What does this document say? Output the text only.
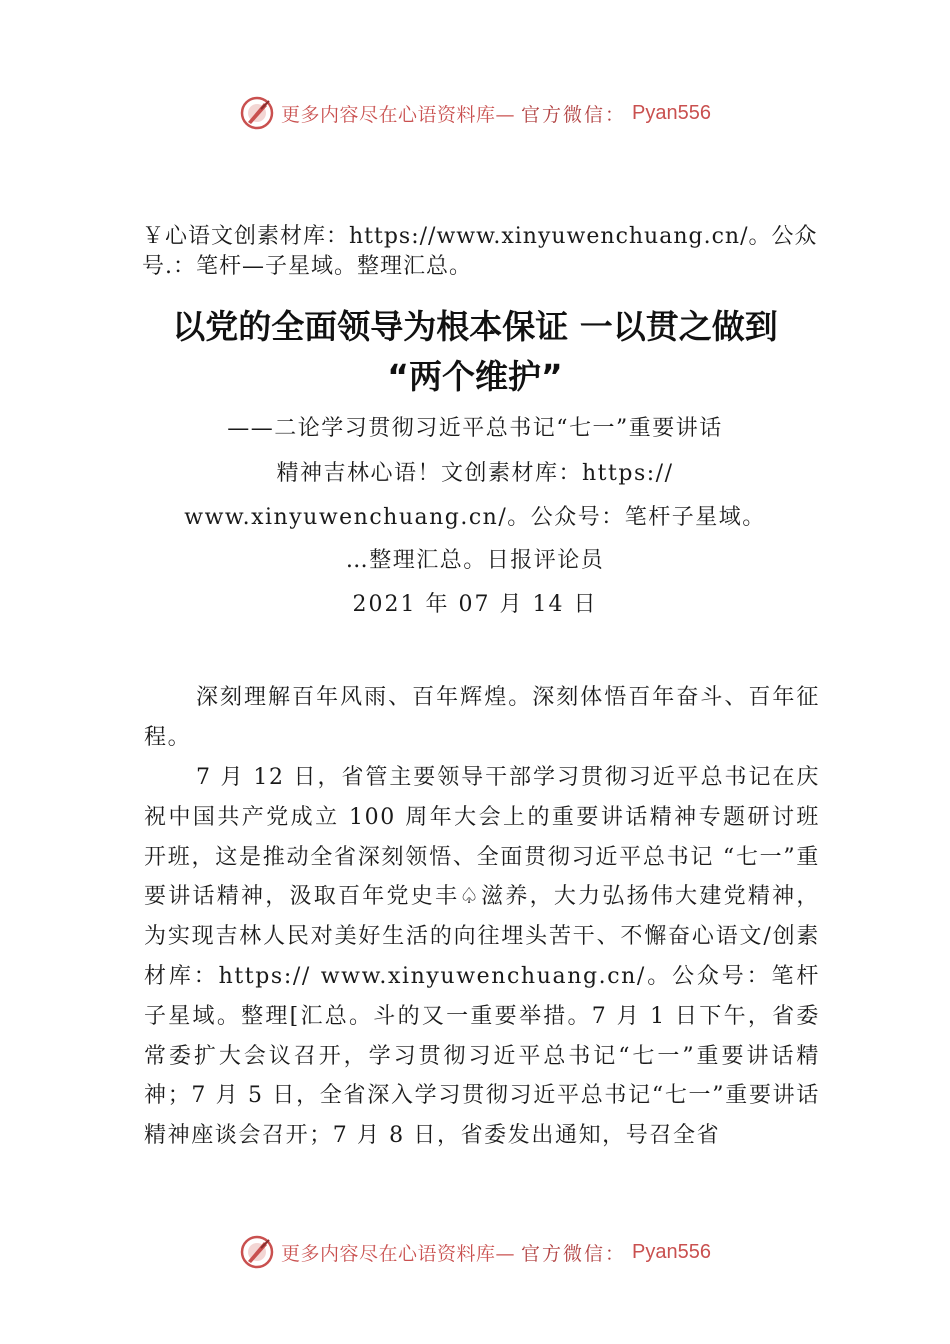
更多内容尽在心语资料库— 官方微信： Pyan556

￥心语文创素材库：https://www.xinyuwenchuang.cn/。公众号.：笔杆—子星域。整理汇总。

以党的全面领导为根本保证 一以贯之做到
“两个维护”

——二论学习贯彻习近平总书记“七一”重要讲话

精神吉林心语！文创素材库：https://

www.xinyuwenchuang.cn/。公众号：笔杆子星域。

…整理汇总。日报评论员

2021 年 07 月 14 日

深刻理解百年风雨、百年辉煌。深刻体悟百年奋斗、百年征程。

7 月 12 日，省管主要领导干部学习贯彻习近平总书记在庆祝中国共产党成立 100 周年大会上的重要讲话精神专题研讨班开班，这是推动全省深刻领悟、全面贯彻习近平总书记 “七一”重要讲话精神，汲取百年党史丰♤滋养，大力弘扬伟大建党精神，为实现吉林人民对美好生活的向往埋头苦干、不懈奋心语文/创素材库：https:// www.xinyuwenchuang.cn/。公众号：笔杆子星域。整理[汇总。斗的又一重要举措。7 月 1 日下午，省委常委扩大会议召开，学习贯彻习近平总书记“七一”重要讲话精神；7 月 5 日，全省深入学习贯彻习近平总书记“七一”重要讲话精神座谈会召开；7 月 8 日，省委发出通知，号召全省

更多内容尽在心语资料库— 官方微信： Pyan556
